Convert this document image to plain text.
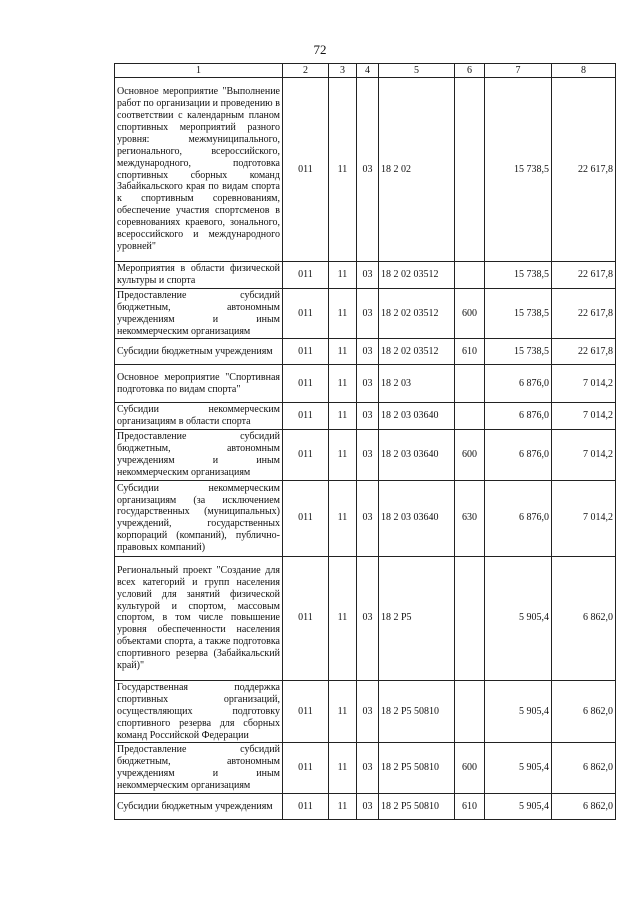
72
1	2	3	4	5	6	7	8
Основное мероприятие "Выполнение работ по организации и проведению в соответствии с календарным планом спортивных мероприятий разного уровня: межмуниципального, регионального, всероссийского, международного, подготовка спортивных сборных команд Забайкальского края по видам спорта к спортивным соревнованиям, обеспечение участия спортсменов в соревнованиях краевого, зонального, всероссийского и международного уровней"	011	11	03	18 2 02		15 738,5	22 617,8
Мероприятия в области физической культуры и спорта	011	11	03	18 2 02 03512		15 738,5	22 617,8
Предоставление субсидий бюджетным, автономным учреждениям и иным некоммерческим организациям	011	11	03	18 2 02 03512	600	15 738,5	22 617,8
Субсидии бюджетным учреждениям	011	11	03	18 2 02 03512	610	15 738,5	22 617,8
Основное мероприятие "Спортивная подготовка по видам спорта"	011	11	03	18 2 03		6 876,0	7 014,2
Субсидии некоммерческим организациям в области спорта	011	11	03	18 2 03 03640		6 876,0	7 014,2
Предоставление субсидий бюджетным, автономным учреждениям и иным некоммерческим организациям	011	11	03	18 2 03 03640	600	6 876,0	7 014,2
Субсидии некоммерческим организациям (за исключением государственных (муниципальных) учреждений, государственных корпораций (компаний), публично-правовых компаний)	011	11	03	18 2 03 03640	630	6 876,0	7 014,2
Региональный проект "Создание для всех категорий и групп населения условий для занятий физической культурой и спортом, массовым спортом, в том числе повышение уровня обеспеченности населения объектами спорта, а также подготовка спортивного резерва (Забайкальский край)"	011	11	03	18 2 P5		5 905,4	6 862,0
Государственная поддержка спортивных организаций, осуществляющих подготовку спортивного резерва для сборных команд Российской Федерации	011	11	03	18 2 P5 50810		5 905,4	6 862,0
Предоставление субсидий бюджетным, автономным учреждениям и иным некоммерческим организациям	011	11	03	18 2 P5 50810	600	5 905,4	6 862,0
Субсидии бюджетным учреждениям	011	11	03	18 2 P5 50810	610	5 905,4	6 862,0
